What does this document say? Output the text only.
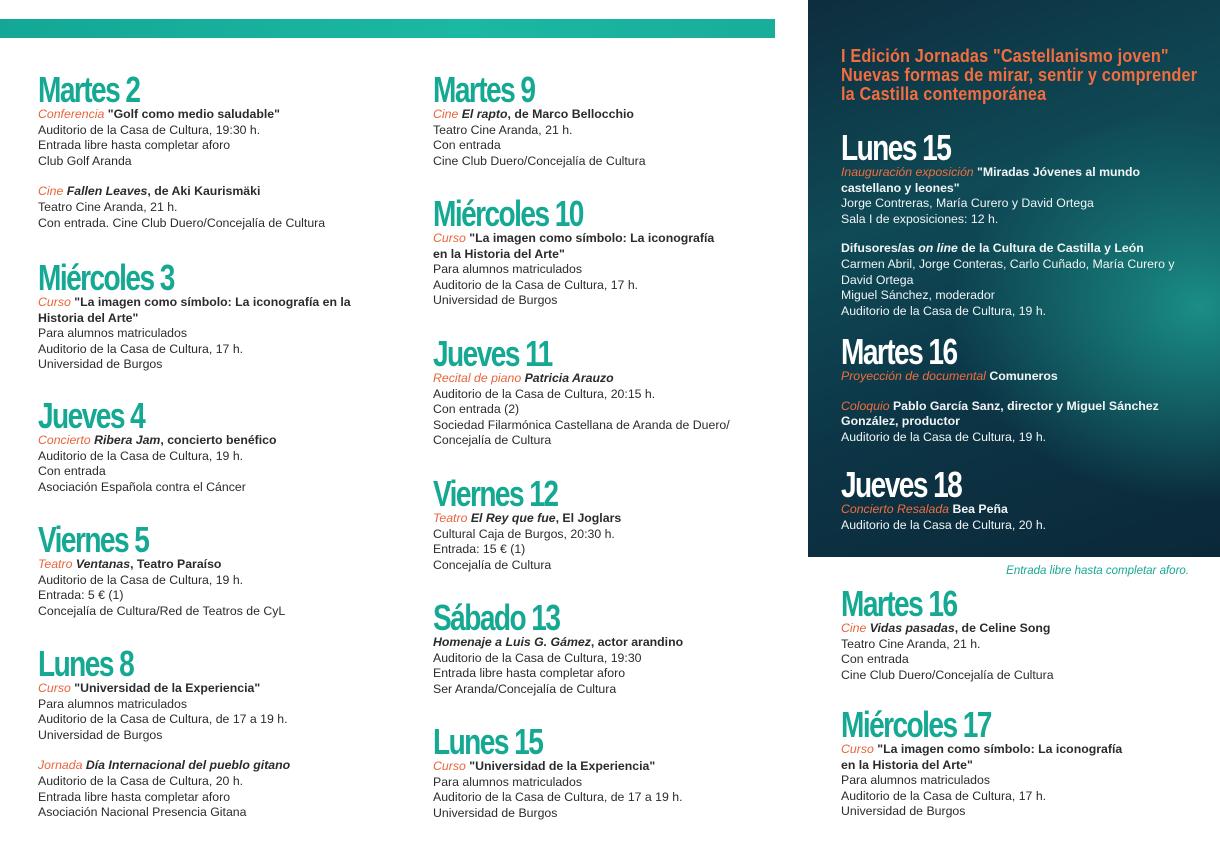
Martes 2
Conferencia "Golf como medio saludable"
Auditorio de la Casa de Cultura, 19:30 h.
Entrada libre hasta completar aforo
Club Golf Aranda
Cine Fallen Leaves, de Aki Kaurismäki
Teatro Cine Aranda, 21 h.
Con entrada. Cine Club Duero/Concejalía de Cultura
Miércoles 3
Curso "La imagen como símbolo: La iconografía en la
Historia del Arte"
Para alumnos matriculados
Auditorio de la Casa de Cultura, 17 h.
Universidad de Burgos
Jueves 4
Concierto Ribera Jam, concierto benéfico
Auditorio de la Casa de Cultura, 19 h.
Con entrada
Asociación Española contra el Cáncer
Viernes 5
Teatro Ventanas, Teatro Paraíso
Auditorio de la Casa de Cultura, 19 h.
Entrada: 5 € (1)
Concejalía de Cultura/Red de Teatros de CyL
Lunes 8
Curso "Universidad de la Experiencia"
Para alumnos matriculados
Auditorio de la Casa de Cultura, de 17 a 19 h.
Universidad de Burgos
Jornada Día Internacional del pueblo gitano
Auditorio de la Casa de Cultura, 20 h.
Entrada libre hasta completar aforo
Asociación Nacional Presencia Gitana
Martes 9
Cine El rapto, de Marco Bellocchio
Teatro Cine Aranda, 21 h.
Con entrada
Cine Club Duero/Concejalía de Cultura
Miércoles 10
Curso "La imagen como símbolo: La iconografía
en la Historia del Arte"
Para alumnos matriculados
Auditorio de la Casa de Cultura, 17 h.
Universidad de Burgos
Jueves 11
Recital de piano Patricia Arauzo
Auditorio de la Casa de Cultura, 20:15 h.
Con entrada (2)
Sociedad Filarmónica Castellana de Aranda de Duero/
Concejalía de Cultura
Viernes 12
Teatro El Rey que fue, El Joglars
Cultural Caja de Burgos, 20:30 h.
Entrada: 15 € (1)
Concejalía de Cultura
Sábado 13
Homenaje a Luis G. Gámez, actor arandino
Auditorio de la Casa de Cultura, 19:30
Entrada libre hasta completar aforo
Ser Aranda/Concejalía de Cultura
Lunes 15
Curso "Universidad de la Experiencia"
Para alumnos matriculados
Auditorio de la Casa de Cultura, de 17 a 19 h.
Universidad de Burgos
I Edición Jornadas "Castellanismo joven"
Nuevas formas de mirar, sentir y comprender
la Castilla contemporánea
Lunes 15
Inauguración exposición "Miradas Jóvenes al mundo
castellano y leones"
Jorge Contreras, María Curero y David Ortega
Sala I de exposiciones: 12 h.
Difusores/as on line de la Cultura de Castilla y León
Carmen Abril, Jorge Conteras, Carlo Cuñado, María Curero y
David Ortega
Miguel Sánchez, moderador
Auditorio de la Casa de Cultura, 19 h.
Martes 16
Proyección de documental Comuneros
Coloquio Pablo García Sanz, director y Miguel Sánchez
González, productor
Auditorio de la Casa de Cultura, 19 h.
Jueves 18
Concierto Resalada Bea Peña
Auditorio de la Casa de Cultura, 20 h.
Entrada libre hasta completar aforo.
Martes 16
Cine Vidas pasadas, de Celine Song
Teatro Cine Aranda, 21 h.
Con entrada
Cine Club Duero/Concejalía de Cultura
Miércoles 17
Curso "La imagen como símbolo: La iconografía
en la Historia del Arte"
Para alumnos matriculados
Auditorio de la Casa de Cultura, 17 h.
Universidad de Burgos
